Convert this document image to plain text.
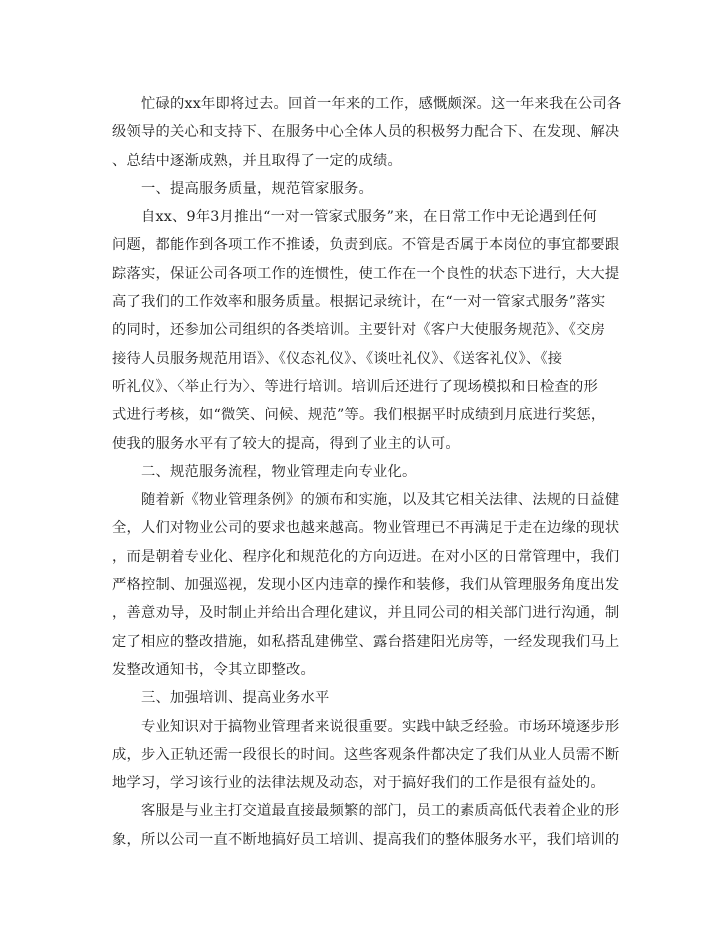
忙碌的xx年即将过去。回首一年来的工作，感慨颇深。这一年来我在公司各
级领导的关心和支持下、在服务中心全体人员的积极努力配合下、在发现、解决
、总结中逐渐成熟，并且取得了一定的成绩。
一、提高服务质量，规范管家服务。
自xx、9年3月推出“一对一管家式服务”来，在日常工作中无论遇到任何
问题，都能作到各项工作不推诿，负责到底。不管是否属于本岗位的事宜都要跟
踪落实，保证公司各项工作的连惯性，使工作在一个良性的状态下进行，大大提
高了我们的工作效率和服务质量。根据记录统计，在“一对一管家式服务”落实
的同时，还参加公司组织的各类培训。主要针对《客户大使服务规范》、《交房
接待人员服务规范用语》、《仪态礼仪》、《谈吐礼仪》、《送客礼仪》、《接
听礼仪》、〈举止行为〉、等进行培训。培训后还进行了现场模拟和日检查的形
式进行考核，如“微笑、问候、规范”等。我们根据平时成绩到月底进行奖惩，
使我的服务水平有了较大的提高，得到了业主的认可。
二、规范服务流程，物业管理走向专业化。
随着新《物业管理条例》的颁布和实施，以及其它相关法律、法规的日益健
全，人们对物业公司的要求也越来越高。物业管理已不再满足于走在边缘的现状
，而是朝着专业化、程序化和规范化的方向迈进。在对小区的日常管理中，我们
严格控制、加强巡视，发现小区内违章的操作和装修，我们从管理服务角度出发
，善意劝导，及时制止并给出合理化建议，并且同公司的相关部门进行沟通，制
定了相应的整改措施，如私搭乱建佛堂、露台搭建阳光房等，一经发现我们马上
发整改通知书，令其立即整改。
三、加强培训、提高业务水平
专业知识对于搞物业管理者来说很重要。实践中缺乏经验。市场环境逐步形
成，步入正轨还需一段很长的时间。这些客观条件都决定了我们从业人员需不断
地学习，学习该行业的法律法规及动态，对于搞好我们的工作是很有益处的。
客服是与业主打交道最直接最频繁的部门，员工的素质高低代表着企业的形
象，所以公司一直不断地搞好员工培训、提高我们的整体服务水平，我们培训的
